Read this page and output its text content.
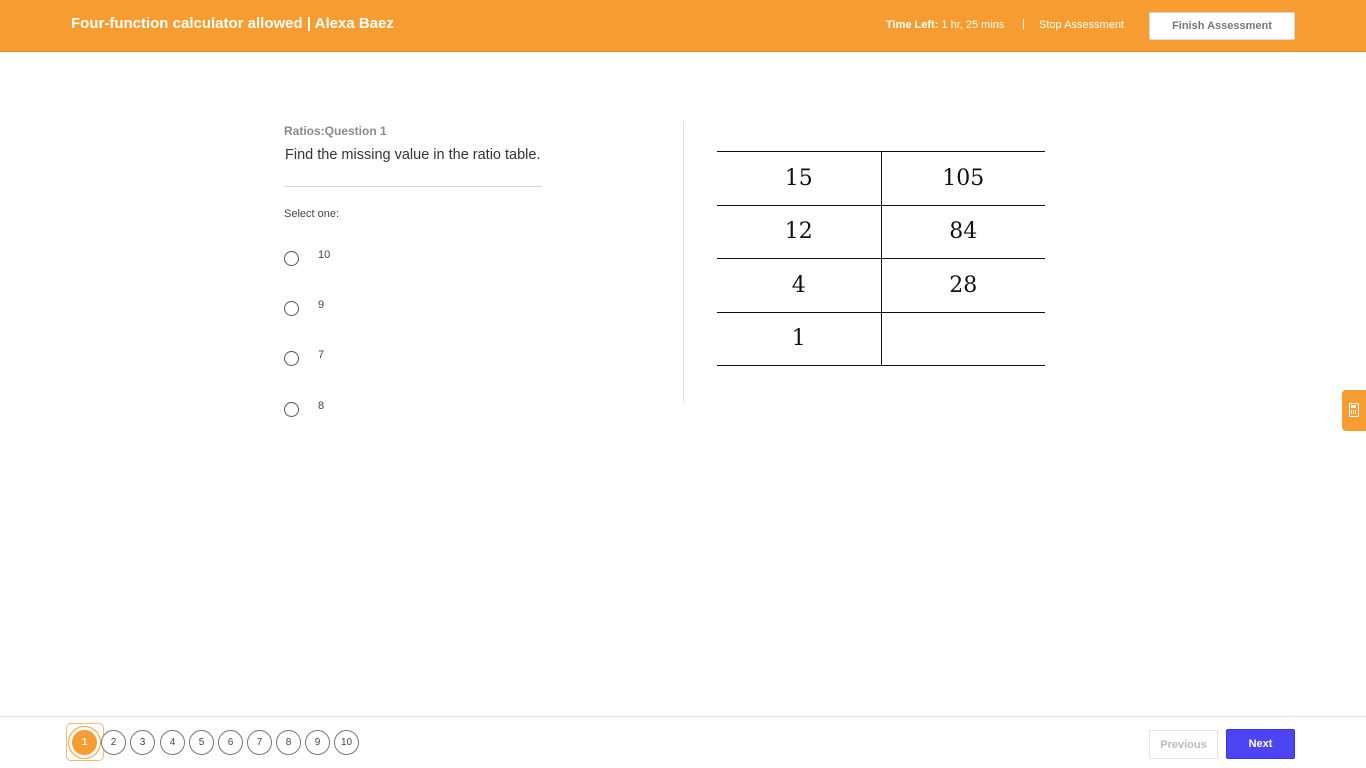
Four-function calculator allowed | Alexa Baez	Time Left: 1 hr, 25 mins | Stop Assessment	Finish Assessment
Ratios:Question 1
Find the missing value in the ratio table.
Select one:
10
9
7
8
15	105
12	84
4	28
1	
1	2	3	4	5	6	7	8	9	10	Previous	Next
